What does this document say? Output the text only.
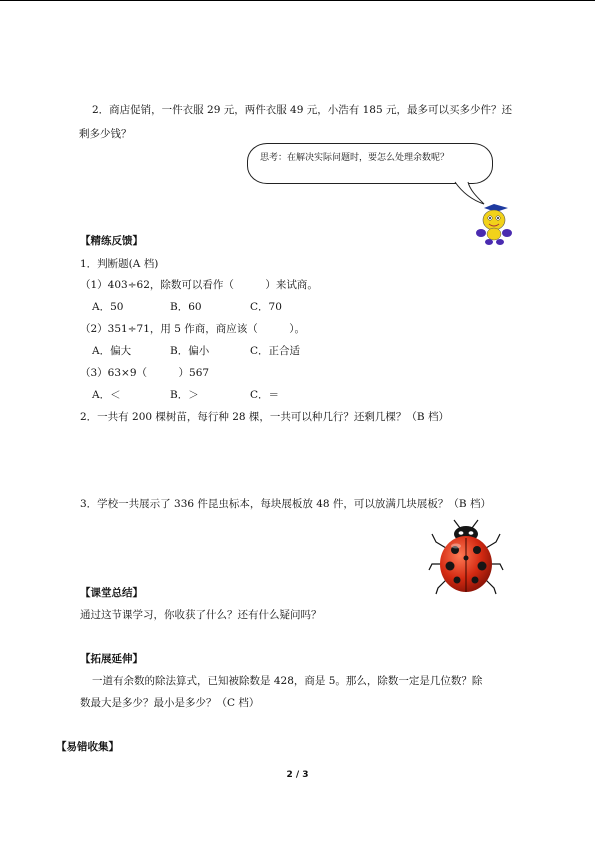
2．商店促销，一件衣服 29 元，两件衣服 49 元，小浩有 185 元，最多可以买多少件？还
剩多少钱？
思考：在解决实际问题时，要怎么处理余数呢？
【精练反馈】
1．判断题(A 档)
（1）403÷62，除数可以看作（　　　）来试商。
A．50	B．60	C．70
（2）351÷71，用 5 作商，商应该（　　　）。
A．偏大	B．偏小	C．正合适
（3）63×9（　　　）567
A．＜	B．＞	C．＝
2．一共有 200 棵树苗，每行种 28 棵，一共可以种几行？还剩几棵？（B 档）
3．学校一共展示了 336 件昆虫标本，每块展板放 48 件，可以放满几块展板？（B 档）
【课堂总结】
通过这节课学习，你收获了什么？还有什么疑问吗？
【拓展延伸】
一道有余数的除法算式，已知被除数是 428，商是 5。那么，除数一定是几位数？除
数最大是多少？最小是多少？（C 档）
【易错收集】
2 / 3
